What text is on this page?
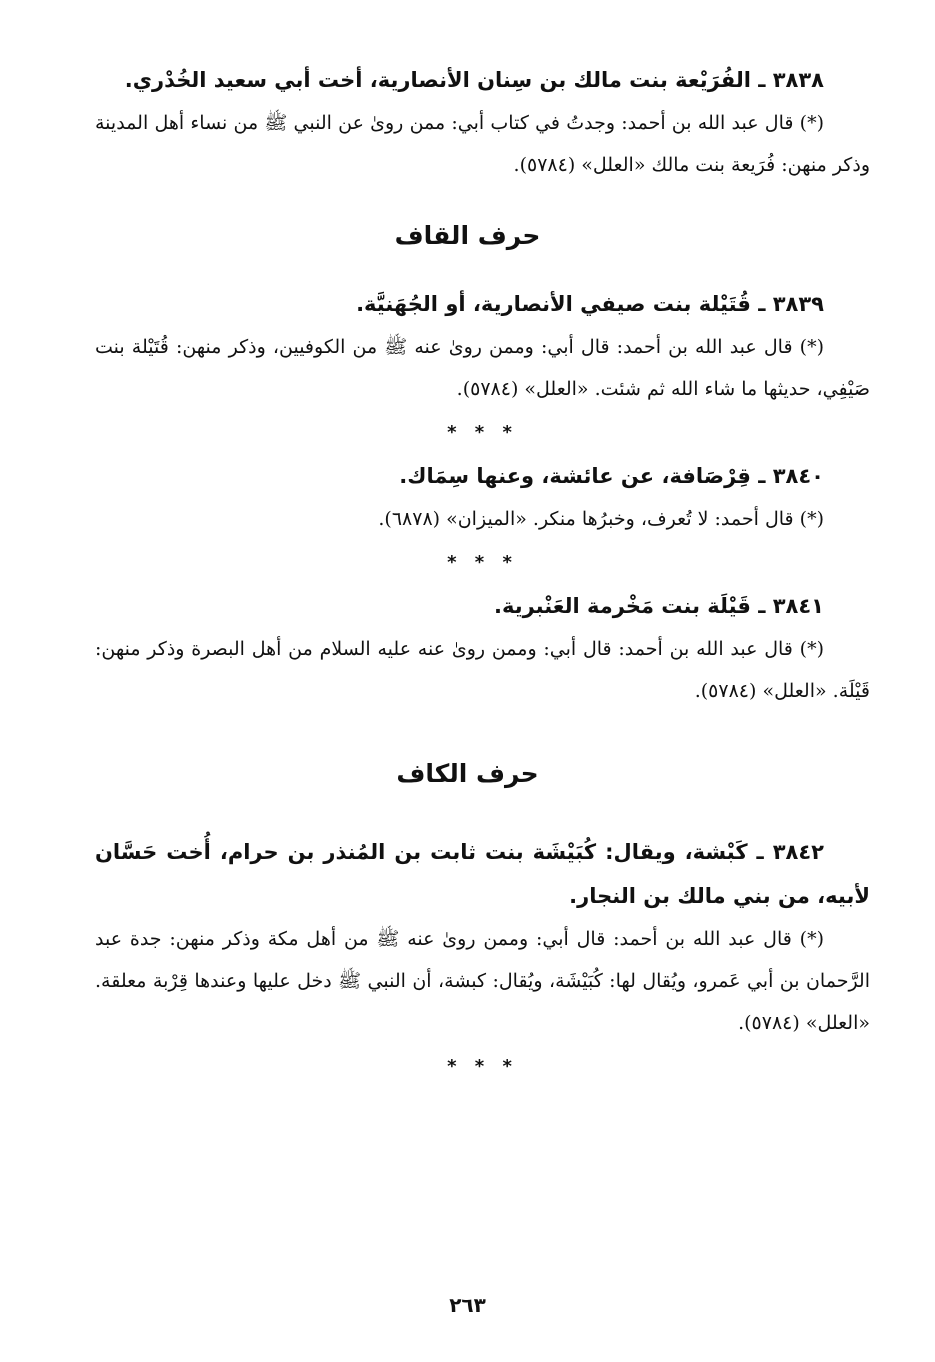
٣٨٣٨ ـ الفُرَيْعة بنت مالك بن سِنان الأنصارية، أخت أبي سعيد الخُدْري.
(*) قال عبد الله بن أحمد: وجدتُ في كتاب أبي: ممن روىٰ عن النبي ﷺ من نساء أهل المدينة وذكر منهن: فُرَيعة بنت مالك «العلل» (٥٧٨٤).
حرف القاف
٣٨٣٩ ـ قُتَيْلة بنت صيفي الأنصارية، أو الجُهَنيَّة.
(*) قال عبد الله بن أحمد: قال أبي: وممن روىٰ عنه ﷺ من الكوفيين، وذكر منهن: قُتَيْلة بنت صَيْفِي، حديثها ما شاء الله ثم شئت. «العلل» (٥٧٨٤).
* * *
٣٨٤٠ ـ قِرْصَافة، عن عائشة، وعنها سِمَاك.
(*) قال أحمد: لا تُعرف، وخبرُها منكر. «الميزان» (٦٨٧٨).
* * *
٣٨٤١ ـ قَيْلَة بنت مَخْرمة العَنْبرية.
(*) قال عبد الله بن أحمد: قال أبي: وممن روىٰ عنه عليه السلام من أهل البصرة وذكر منهن: قَيْلَة. «العلل» (٥٧٨٤).
حرف الكاف
٣٨٤٢ ـ كَبْشة، ويقال: كُبَيْشَة بنت ثابت بن المُنذر بن حرام، أُخت حَسَّان لأبيه، من بني مالك بن النجار.
(*) قال عبد الله بن أحمد: قال أبي: وممن روىٰ عنه ﷺ من أهل مكة وذكر منهن: جدة عبد الرَّحمان بن أبي عَمرو، ويُقال لها: كُبَيْشَة، ويُقال: كبشة، أن النبي ﷺ دخل عليها وعندها قِرْبة معلقة. «العلل» (٥٧٨٤).
* * *
٢٦٣
